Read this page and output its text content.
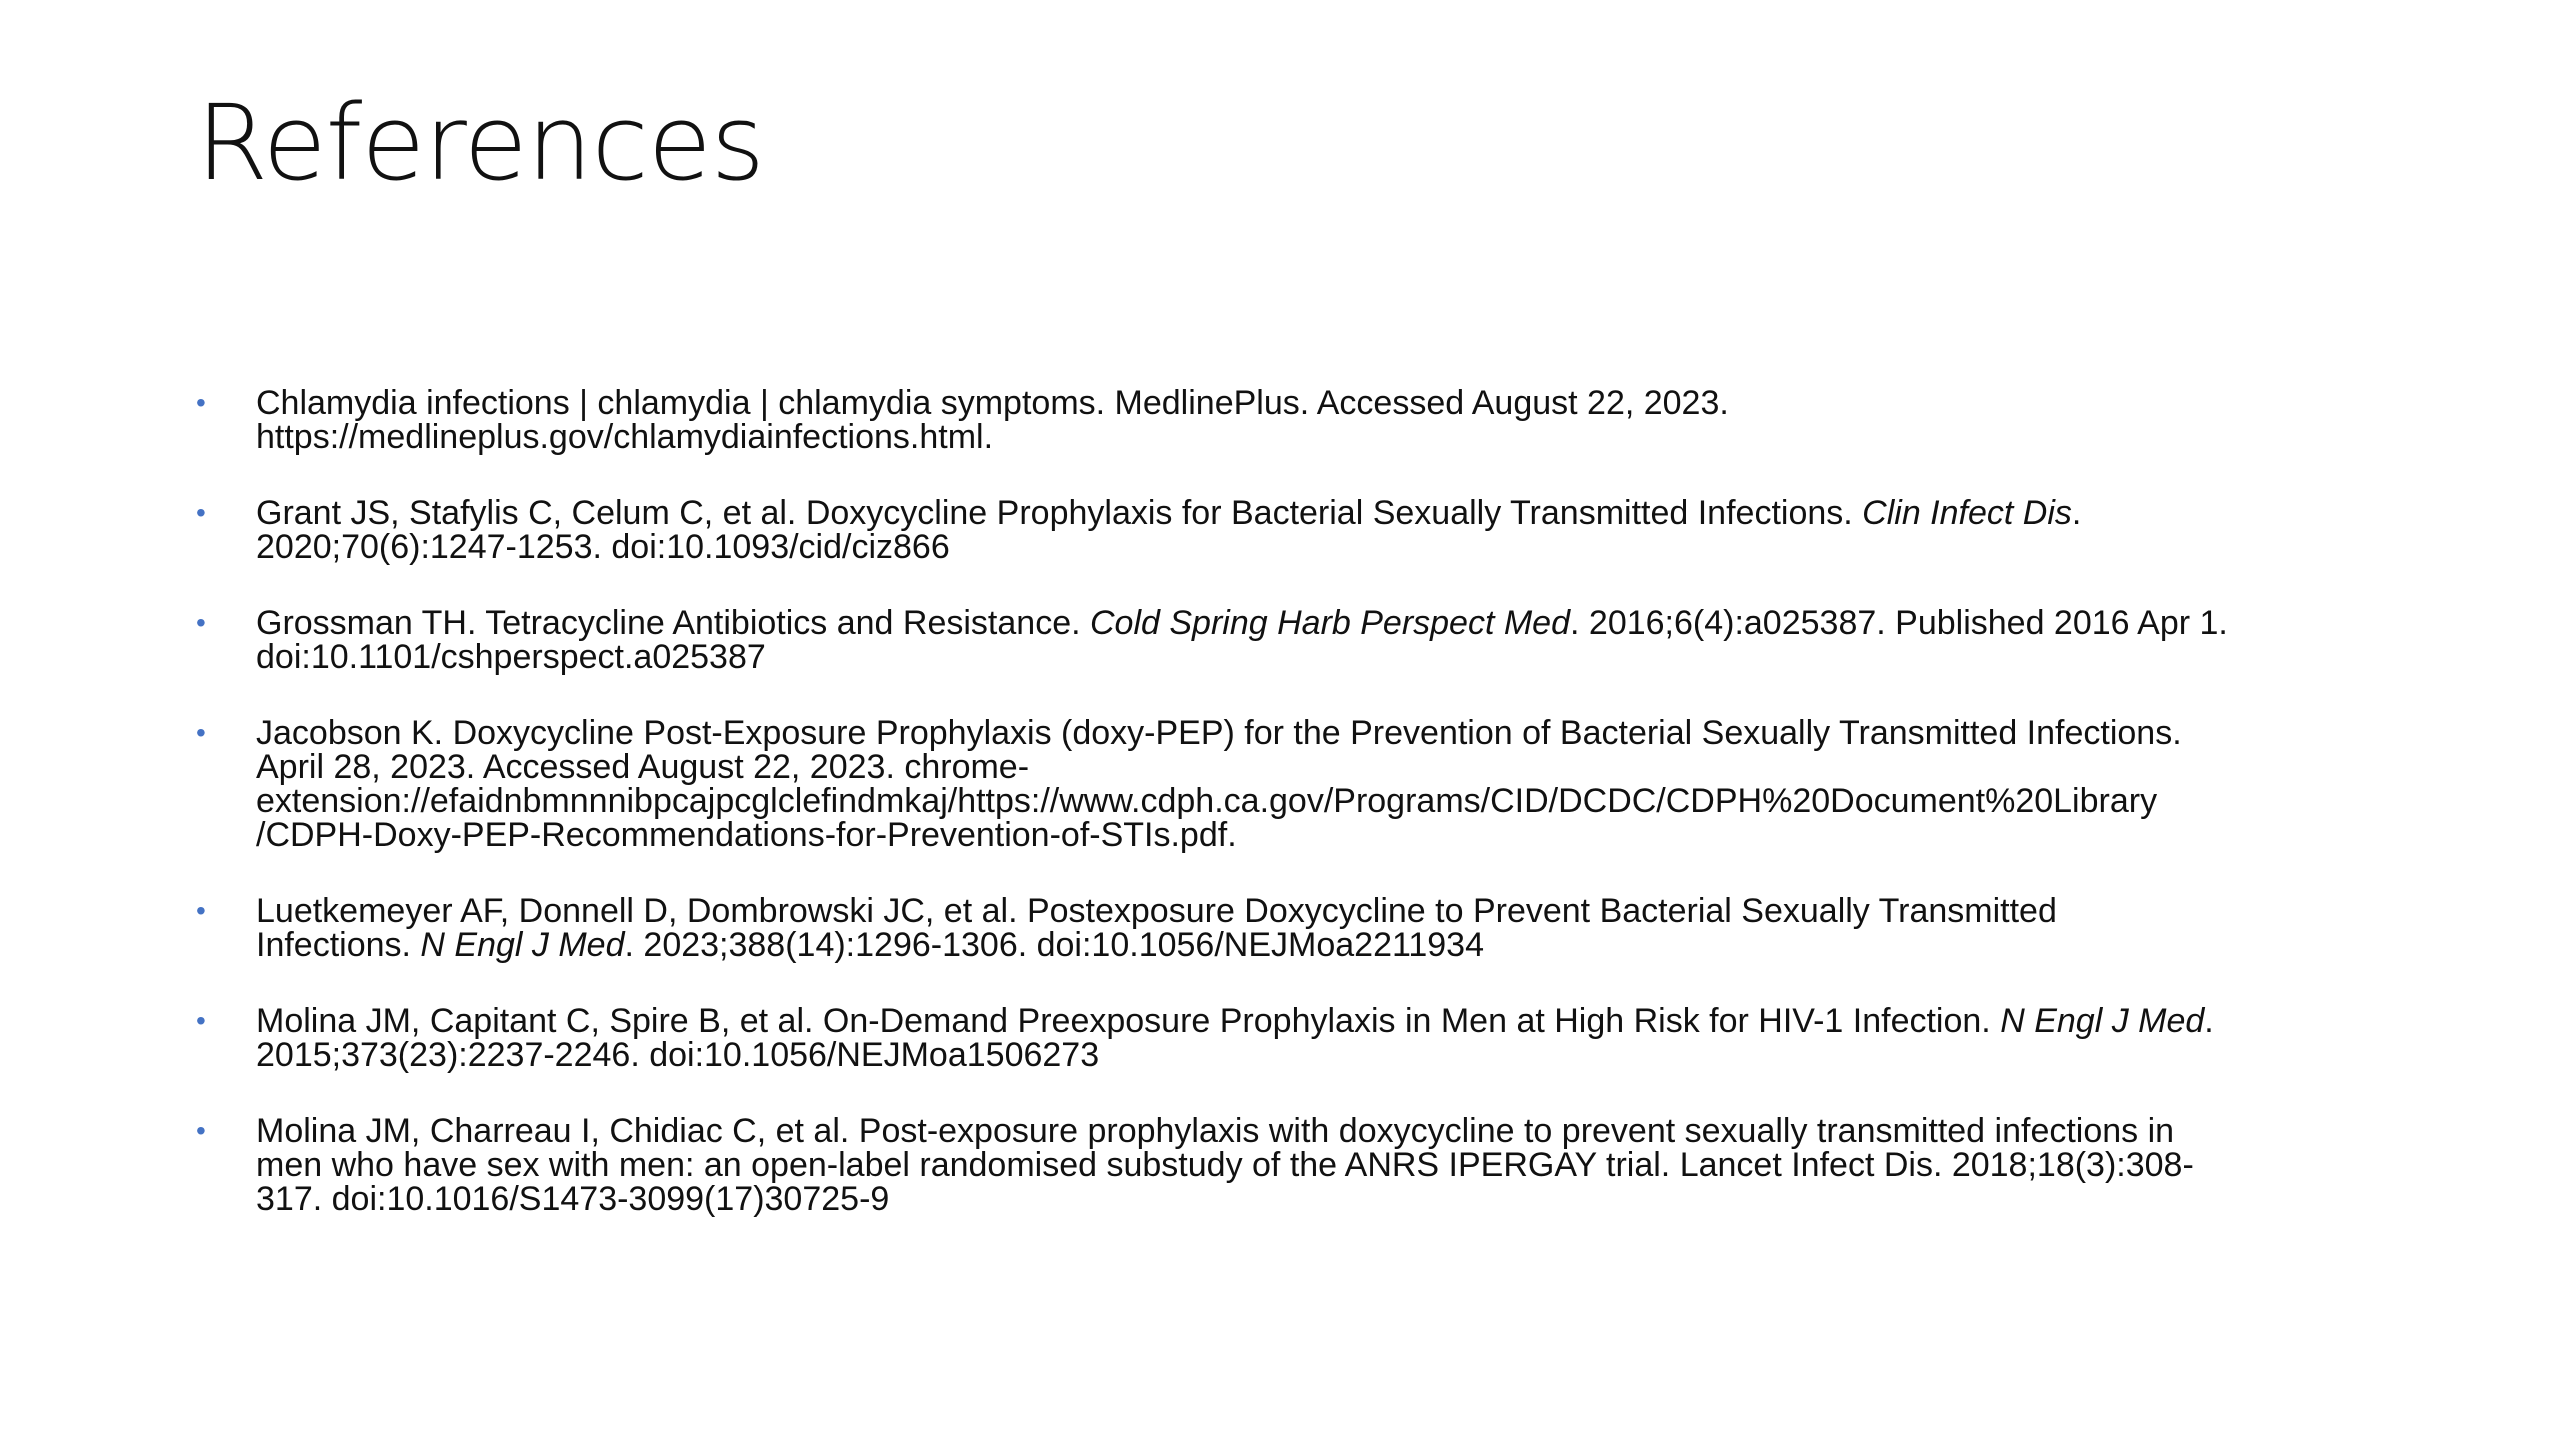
References
•	Chlamydia infections | chlamydia | chlamydia symptoms. MedlinePlus. Accessed August 22, 2023.
https://medlineplus.gov/chlamydiainfections.html.
•	Grant JS, Stafylis C, Celum C, et al. Doxycycline Prophylaxis for Bacterial Sexually Transmitted Infections. Clin Infect Dis.
2020;70(6):1247-1253. doi:10.1093/cid/ciz866
•	Grossman TH. Tetracycline Antibiotics and Resistance. Cold Spring Harb Perspect Med. 2016;6(4):a025387. Published 2016 Apr 1.
doi:10.1101/cshperspect.a025387
•	Jacobson K. Doxycycline Post-Exposure Prophylaxis (doxy-PEP) for the Prevention of Bacterial Sexually Transmitted Infections.
April 28, 2023. Accessed August 22, 2023. chrome-
extension://efaidnbmnnnibpcajpcglclefindmkaj/https://www.cdph.ca.gov/Programs/CID/DCDC/CDPH%20Document%20Library
/CDPH-Doxy-PEP-Recommendations-for-Prevention-of-STIs.pdf.
•	Luetkemeyer AF, Donnell D, Dombrowski JC, et al. Postexposure Doxycycline to Prevent Bacterial Sexually Transmitted
Infections. N Engl J Med. 2023;388(14):1296-1306. doi:10.1056/NEJMoa2211934
•	Molina JM, Capitant C, Spire B, et al. On-Demand Preexposure Prophylaxis in Men at High Risk for HIV-1 Infection. N Engl J Med.
2015;373(23):2237-2246. doi:10.1056/NEJMoa1506273
•	Molina JM, Charreau I, Chidiac C, et al. Post-exposure prophylaxis with doxycycline to prevent sexually transmitted infections in
men who have sex with men: an open-label randomised substudy of the ANRS IPERGAY trial. Lancet Infect Dis. 2018;18(3):308-
317. doi:10.1016/S1473-3099(17)30725-9
